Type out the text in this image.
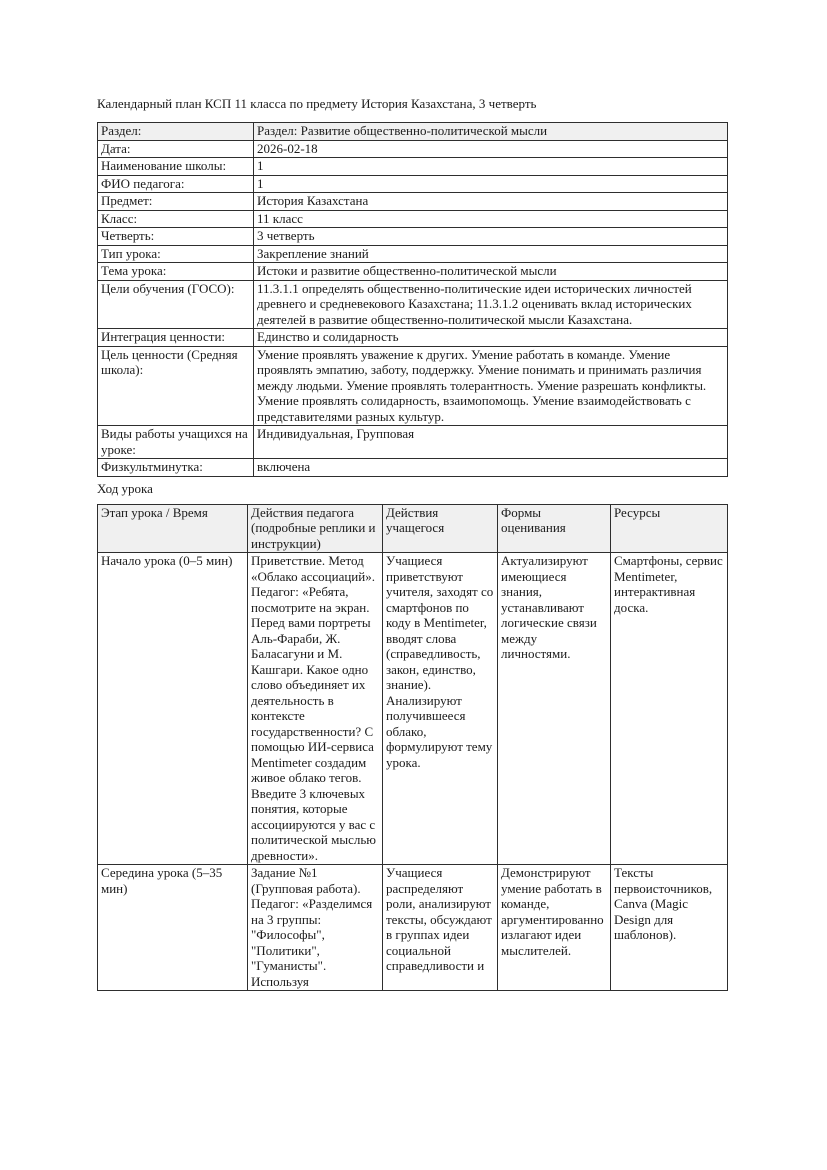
Календарный план КСП 11 класса по предмету История Казахстана, 3 четверть

Раздел:	Раздел: Развитие общественно-политической мысли
Дата:	2026-02-18
Наименование школы:	1
ФИО педагога:	1
Предмет:	История Казахстана
Класс:	11 класс
Четверть:	3 четверть
Тип урока:	Закрепление знаний
Тема урока:	Истоки и развитие общественно-политической мысли
Цели обучения (ГОСО):	11.3.1.1 определять общественно-политические идеи исторических личностей древнего и средневекового Казахстана; 11.3.1.2 оценивать вклад исторических деятелей в развитие общественно-политической мысли Казахстана.
Интеграция ценности:	Единство и солидарность
Цель ценности (Средняя школа):	Умение проявлять уважение к других. Умение работать в команде. Умение проявлять эмпатию, заботу, поддержку. Умение понимать и принимать различия между людьми. Умение проявлять толерантность. Умение разрешать конфликты. Умение проявлять солидарность, взаимопомощь. Умение взаимодействовать с представителями разных культур.
Виды работы учащихся на уроке:	Индивидуальная, Групповая
Физкультминутка:	включена

Ход урока

Этап урока / Время	Действия педагога (подробные реплики и инструкции)	Действия учащегося	Формы оценивания	Ресурсы
Начало урока (0–5 мин)	Приветствие. Метод «Облако ассоциаций». Педагог: «Ребята, посмотрите на экран. Перед вами портреты Аль-Фараби, Ж. Баласагуни и М. Кашгари. Какое одно слово объединяет их деятельность в контексте государственности? С помощью ИИ-сервиса Mentimeter создадим живое облако тегов. Введите 3 ключевых понятия, которые ассоциируются у вас с политической мыслью древности».	Учащиеся приветствуют учителя, заходят со смартфонов по коду в Mentimeter, вводят слова (справедливость, закон, единство, знание). Анализируют получившееся облако, формулируют тему урока.	Актуализируют имеющиеся знания, устанавливают логические связи между личностями.	Смартфоны, сервис Mentimeter, интерактивная доска.
Середина урока (5–35 мин)	Задание №1 (Групповая работа). Педагог: «Разделимся на 3 группы: "Философы", "Политики", "Гуманисты". Используя	Учащиеся распределяют роли, анализируют тексты, обсуждают в группах идеи социальной справедливости и	Демонстрируют умение работать в команде, аргументированно излагают идеи мыслителей.	Тексты первоисточников, Canva (Magic Design для шаблонов).
